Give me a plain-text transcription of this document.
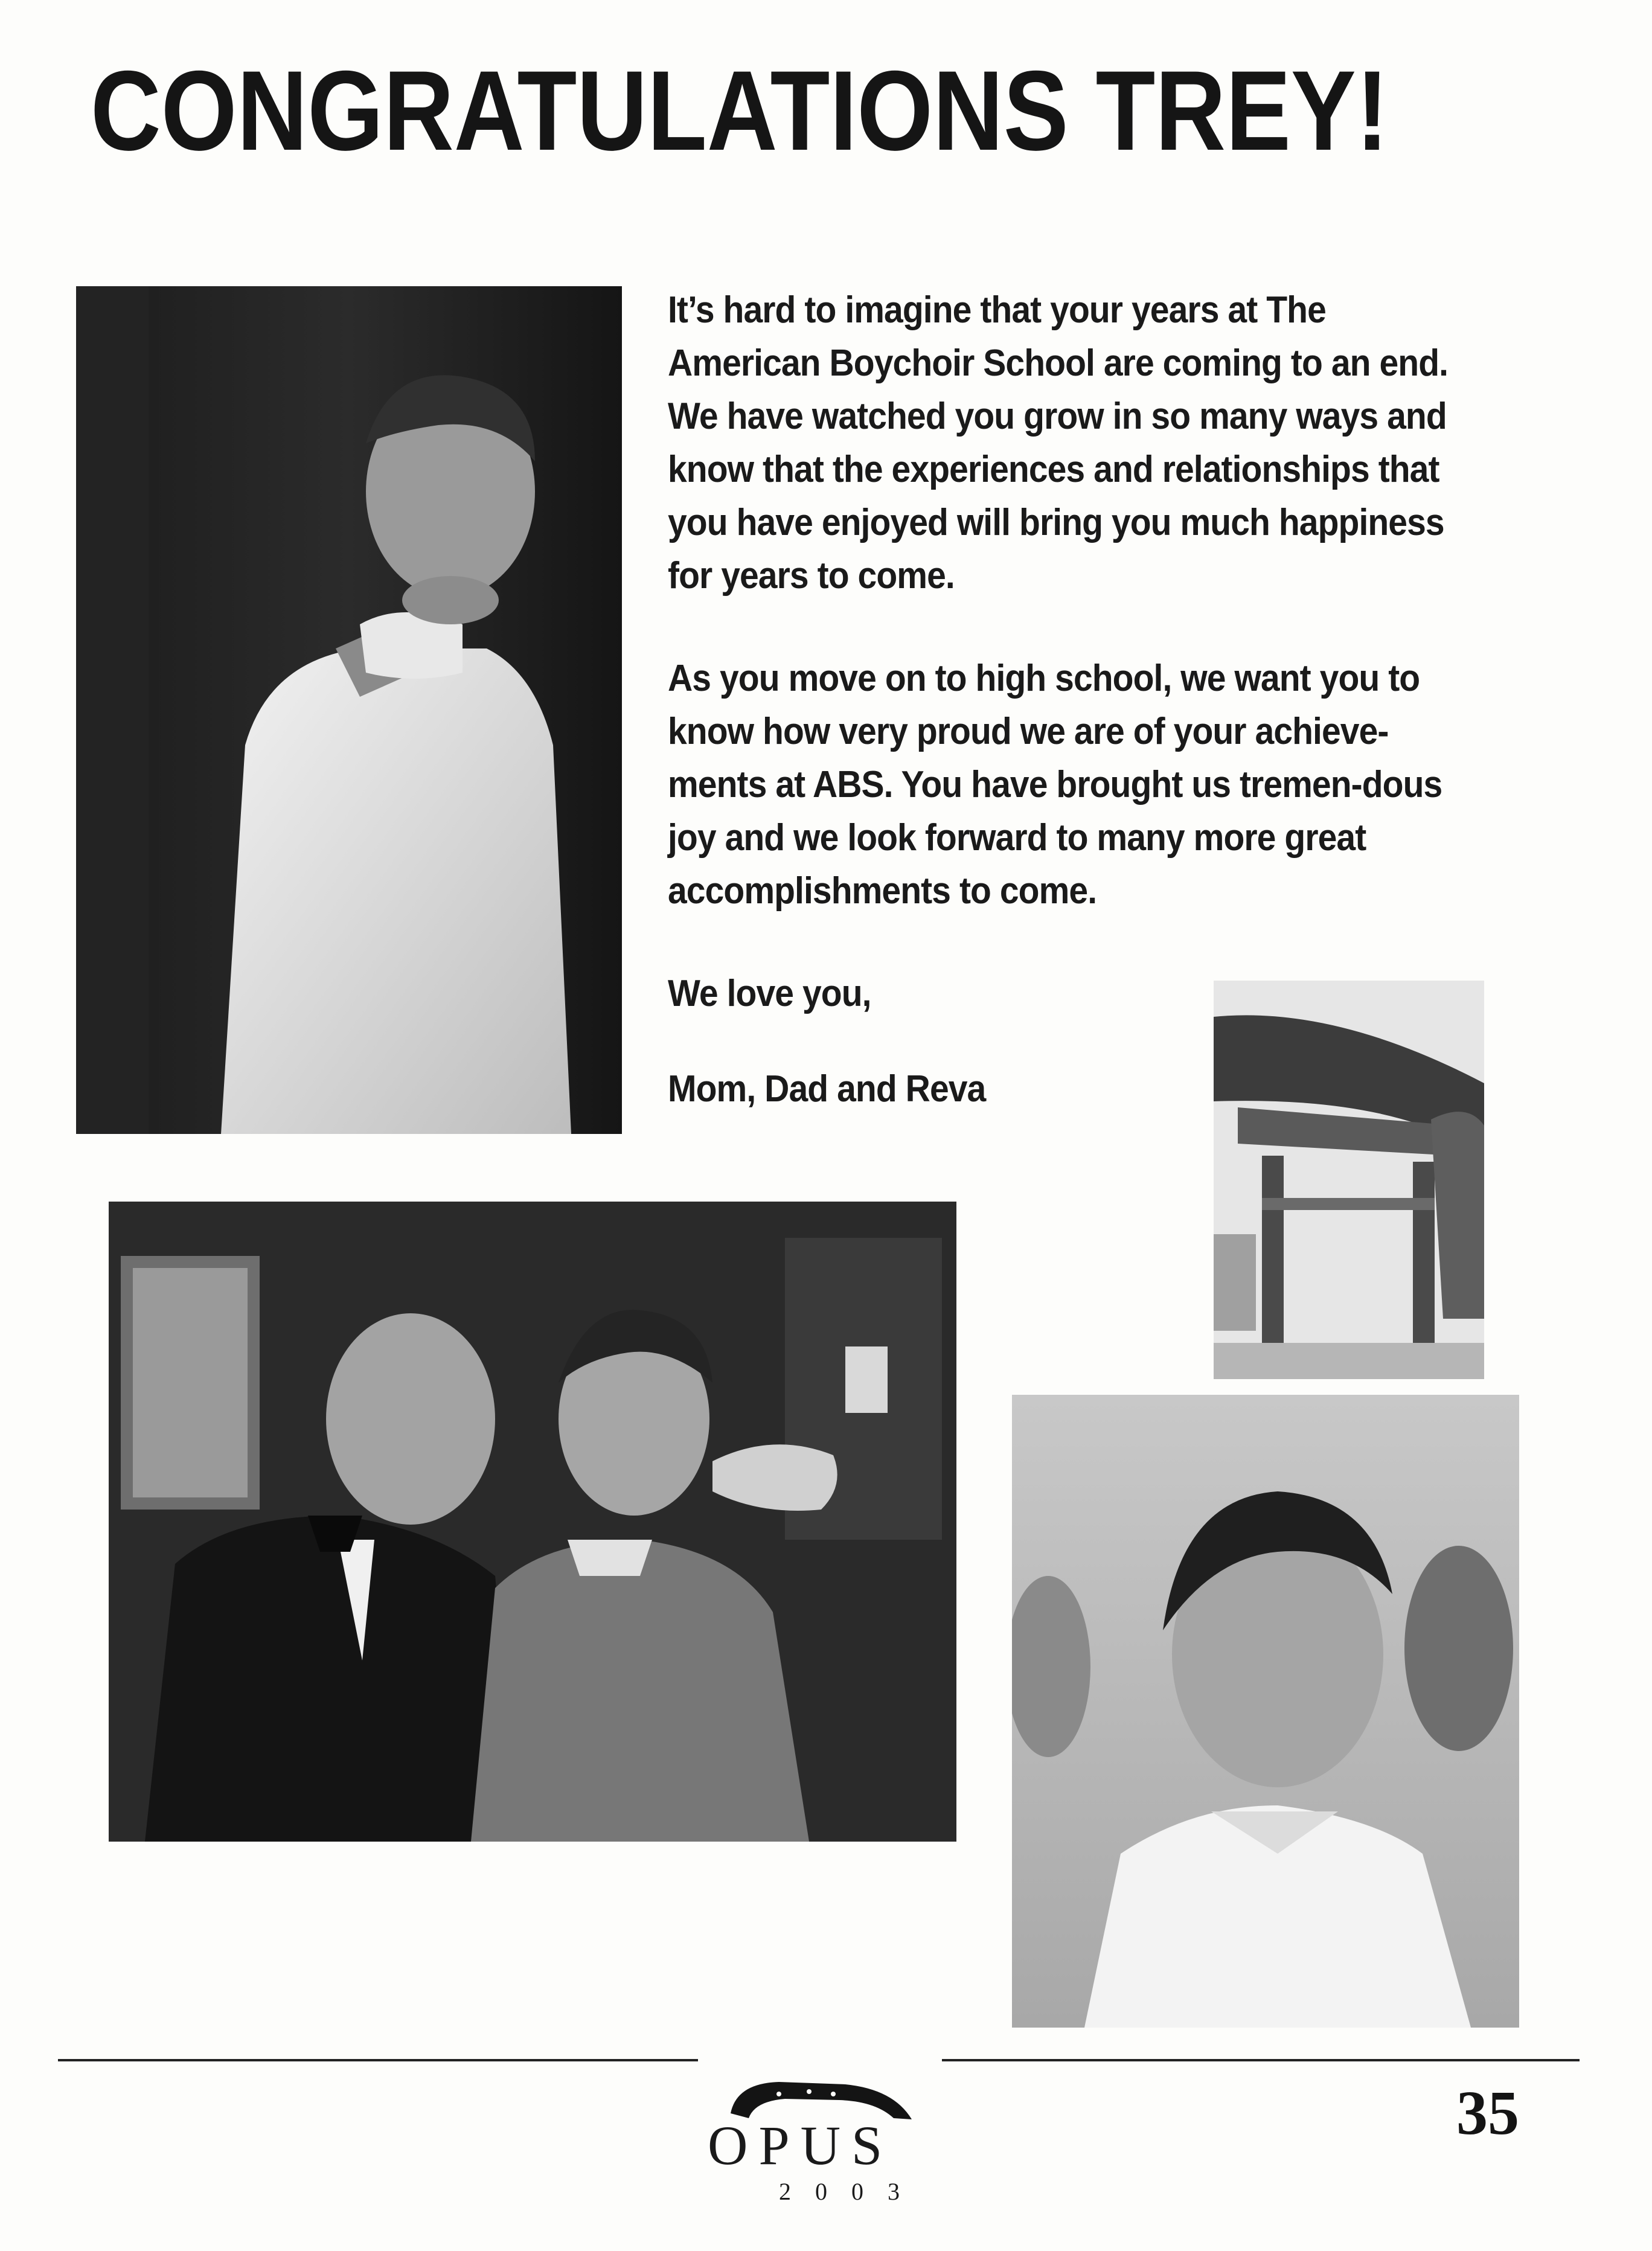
CONGRATULATIONS TREY!

It’s hard to imagine that your years at The American Boychoir School are coming to an end. We have watched you grow in so many ways and know that the experiences and relationships that you have enjoyed will bring you much happiness for years to come.

As you move on to high school, we want you to know how very proud we are of your achieve-ments at ABS. You have brought us tremen-dous joy and we look forward to many more great accomplishments to come.

We love you,

Mom, Dad and Reva

OPUS
2003
35
